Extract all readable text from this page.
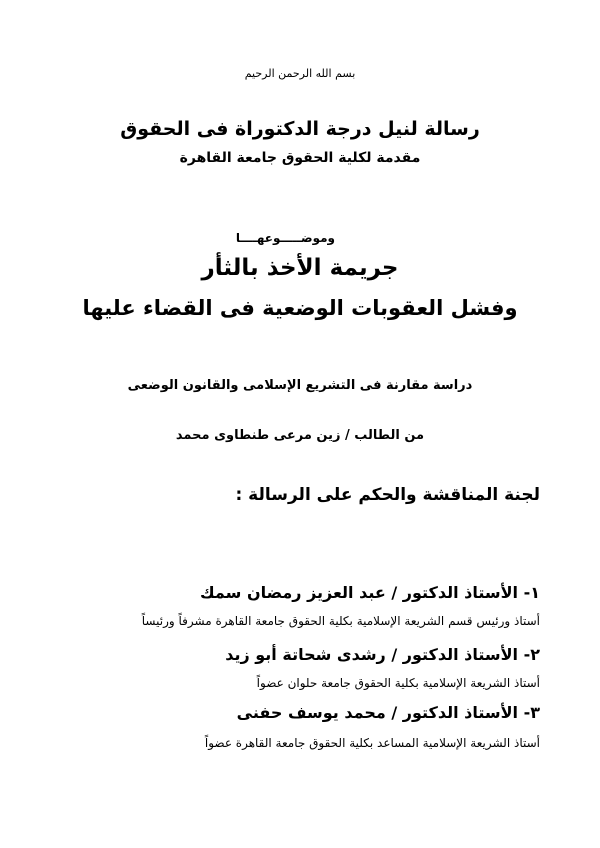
بسم الله الرحمن الرحيم
رسالة لنيل درجة الدكتوراة فى الحقوق
مقدمة لكلية الحقوق جامعة القاهرة
وموضـــــوعهــــا
جريمة الأخذ بالثأر
وفشل العقوبات الوضعية فى القضاء عليها
دراسة مقارنة فى التشريع الإسلامى والقانون الوضعى
من الطالب / زين مرعى طنطاوى محمد
لجنة المناقشة والحكم على الرسالة :
١- الأستاذ الدكتور / عبد العزيز رمضان سمك
أستاذ ورئيس قسم الشريعة الإسلامية بكلية الحقوق جامعة القاهرة مشرفاً ورئيساً
٢- الأستاذ الدكتور / رشدى شحاتة أبو زيد
أستاذ الشريعة الإسلامية بكلية الحقوق جامعة حلوان عضواً
٣- الأستاذ الدكتور / محمد يوسف حفنى
أستاذ الشريعة الإسلامية المساعد بكلية الحقوق جامعة القاهرة عضواً
